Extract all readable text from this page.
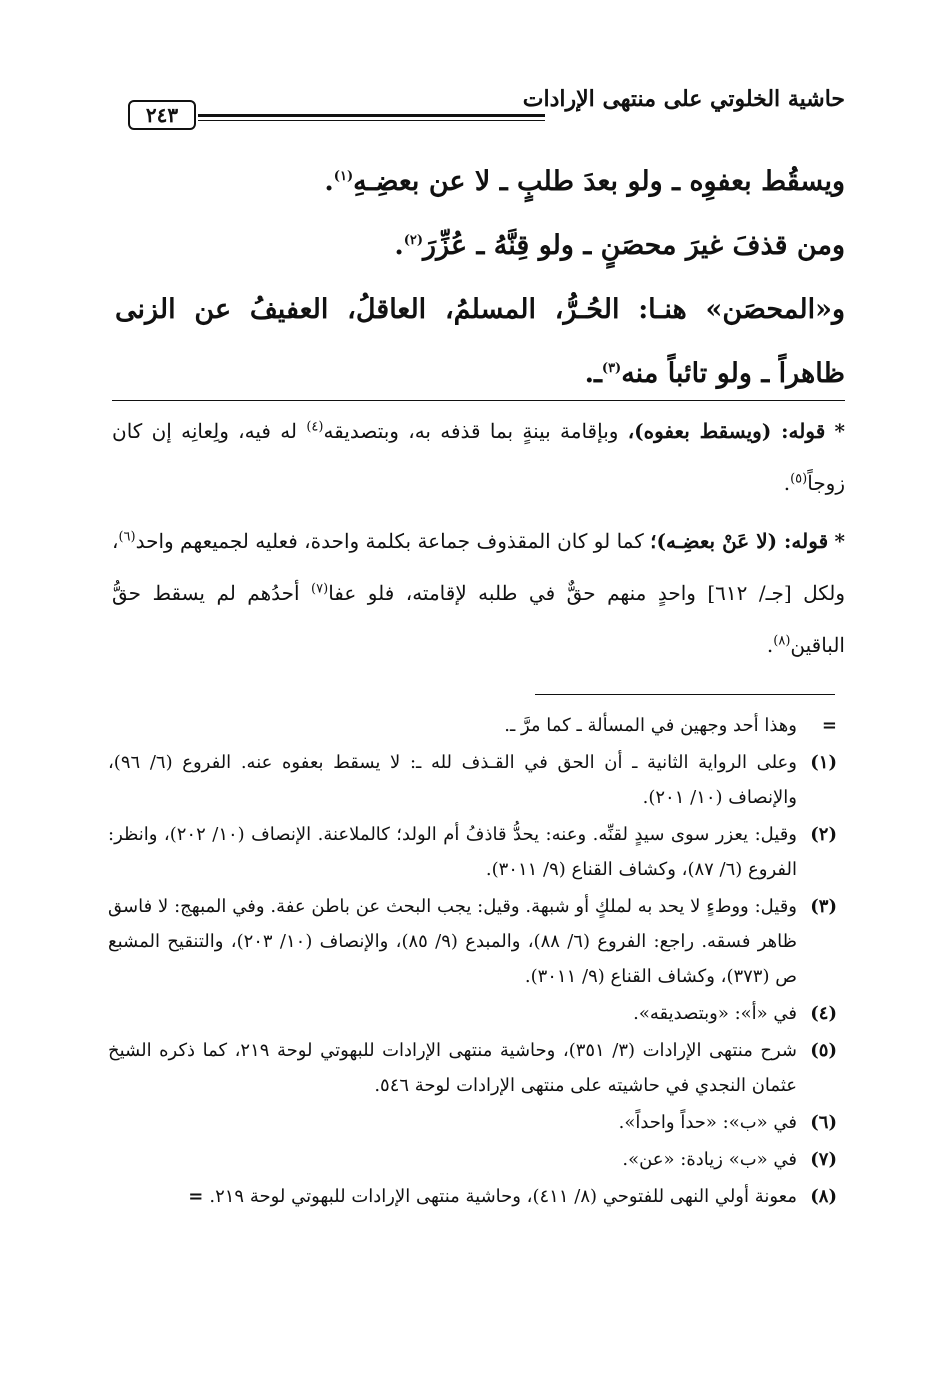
حاشية الخلوتي على منتهى الإرادات
٢٤٣

ويسقُط بعفوِه ـ ولو بعدَ طلبٍ ـ لا عن بعضِـهِ$^{(١)}$.

ومن قذفَ غيرَ محصَنٍ ـ ولو قِنَّهُ ـ عُزِّرَ$^{(٢)}$.

و«المحصَن» هنـا: الحُـرُّ، المسلمُ، العاقلُ، العفيفُ عن الزنى ظاهراً ـ ولو تائباً منه$^{(٣)}$ـ.

* قوله: (ويسقط بعفوه)، وبإقامة بينةٍ بما قذفه به، وبتصديقه$^{(٤)}$ له فيه، ولِعانِه إن كان زوجاً$^{(٥)}$.

* قوله: (لا عَنْ بعضِـه)؛ كما لو كان المقذوف جماعة بكلمة واحدة، فعليه لجميعهم واحد$^{(٦)}$، ولكل [جـ/ ٦١٢] واحدٍ منهم حقٌّ في طلبه لإقامته، فلو عفا$^{(٧)}$ أحدُهم لم يسقط حقُّ الباقين$^{(٨)}$.

=
وهذا أحد وجهين في المسألة ـ كما مرَّ ـ.
(١)
وعلى الرواية الثانية ـ أن الحق في القـذف لله ـ: لا يسقط بعفوه عنه. الفروع (٦/ ٩٦)، والإنصاف (١٠/ ٢٠١).
(٢)
وقيل: يعزر سوى سيدٍ لقنِّه. وعنه: يحدُّ قاذفُ أم الولد؛ كالملاعنة. الإنصاف (١٠/ ٢٠٢)، وانظر: الفروع (٦/ ٨٧)، وكشاف القناع (٩/ ٣٠١١).
(٣)
وقيل: ووطءٍ لا يحد به لملكٍ أو شبهة. وقيل: يجب البحث عن باطن عفة. وفي المبهج: لا فاسق ظاهر فسقه. راجع: الفروع (٦/ ٨٨)، والمبدع (٩/ ٨٥)، والإنصاف (١٠/ ٢٠٣)، والتنقيح المشبع ص (٣٧٣)، وكشاف القناع (٩/ ٣٠١١).
(٤)
في «أ»: «وبتصديقه».
(٥)
شرح منتهى الإرادات (٣/ ٣٥١)، وحاشية منتهى الإرادات للبهوتي لوحة ٢١٩، كما ذكره الشيخ عثمان النجدي في حاشيته على منتهى الإرادات لوحة ٥٤٦.
(٦)
في «ب»: «حداً واحداً».
(٧)
في «ب» زيادة: «عن».
(٨)
معونة أولي النهى للفتوحي (٨/ ٤١١)، وحاشية منتهى الإرادات للبهوتي لوحة ٢١٩.=
